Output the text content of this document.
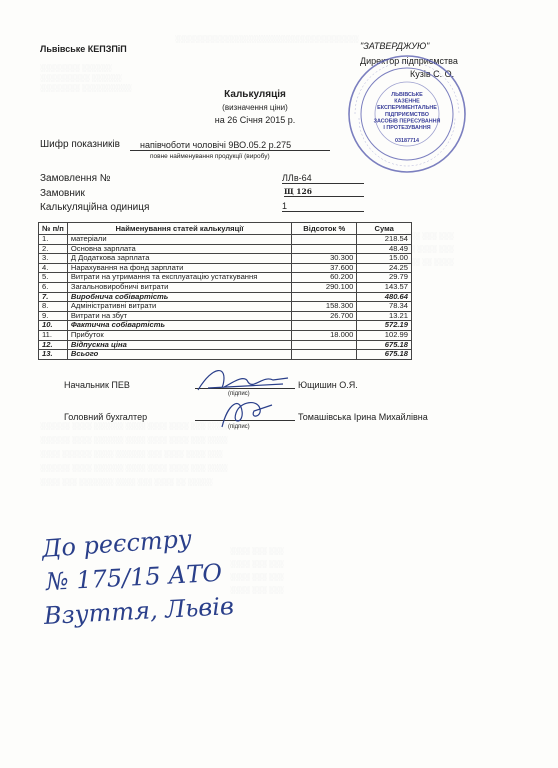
░░░░░░░░░░░░░░░░░░░░░░░░░░░░░░░░░░░░░
░░░░░░░░ ░░░░░░
░░░░░░░░░░ ░░░░░░
░░░░░░░░ ░░░░░░░░░░
░░░ ░░░ ░░░
░░ ░░░░ ░░░
░░░ ░░ ░░░░
░░░░░░ ░░░░ ░░░░░░ ░░░░ ░░░░ ░░░░ ░░░ ░░░░
░░░░░░ ░░░░ ░░░░░░ ░░░░ ░░░░ ░░░░ ░░░ ░░░░
░░░░ ░░░░░░ ░░░░ ░░░░░░ ░░░ ░░░░ ░░░░ ░░░
░░░░░░ ░░░░ ░░░░░░ ░░░░ ░░░░ ░░░░ ░░░ ░░░░
░░░░ ░░░ ░░░░░░░ ░░░░ ░░░ ░░░░ ░░ ░░░░░
░░░░ ░░░ ░░░
░░░░ ░░░ ░░░
░░░░ ░░░ ░░░
░░░░ ░░░ ░░░
Львівське КЕПЗПіП	"ЗАТВЕРДЖУЮ"
Директор підприємства
Кузів С. О.
Калькуляція
(визначення ціни)
на 26 Січня 2015 р.
Шифр показників	напівчоботи чоловічі 9ВО.05.2 р.275
повне найменування продукції (виробу)
Замовлення №	ЛЛв-64
Замовник	Щ 126
Калькуляційна одиниця	1
№ п/п	Найменування статей калькуляції	Відсоток %	Сума
1.	матеріали		218.54
2.	Основна зарплата		48.49
3.	Д Додаткова зарплата	30.300	15.00
4.	Нарахування на фонд зарплати	37.600	24.25
5.	Витрати на утримання та експлуатацію устаткування	60.200	29.79
6.	Загальновиробничі витрати	290.100	143.57
7.	Виробнича собівартість		480.64
8.	Адміністративні витрати	158.300	78.34
9.	Витрати на збут	26.700	13.21
10.	Фактична собівартість		572.19
11.	Прибуток	18.000	102.99
12.	Відпускна ціна		675.18
13.	Всього		675.18
Начальник ПЕВ
(підпис)
Ющишин О.Я.
Головний бухгалтер
(підпис)
Томашівська Ірина Михайлівна
ЛЬВІВСЬКЕ
КАЗЕННЕ
ЕКСПЕРИМЕНТАЛЬНЕ
ПІДПРИЄМСТВО
ЗАСОБІВ ПЕРЕСУВАННЯ
І ПРОТЕЗУВАННЯ
03187714
До реєстру
№ 175/15 АТО
Взуття, Львів
